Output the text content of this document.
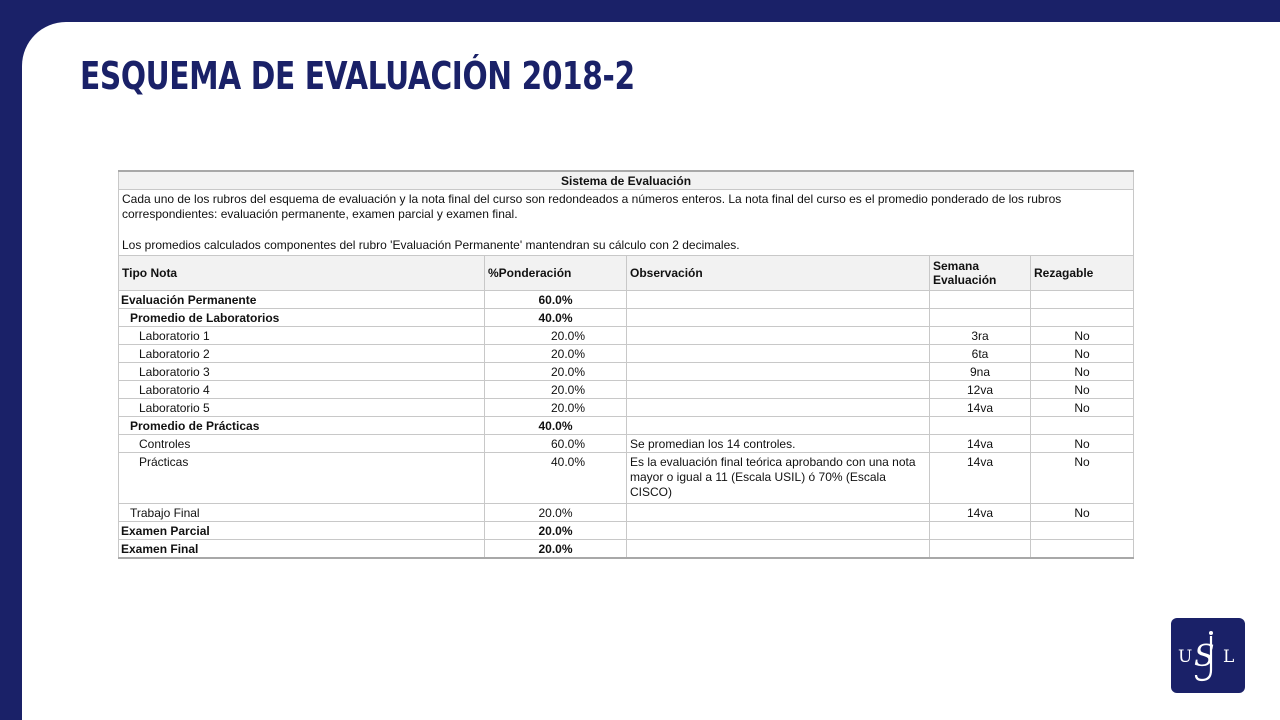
ESQUEMA DE EVALUACIÓN 2018-2
Sistema de Evaluación				

Cada uno de los rubros del esquema de evaluación y la nota final del curso son redondeados a números enteros. La nota final del curso es el promedio ponderado de los rubros correspondientes: evaluación permanente, examen parcial y examen final.

Los promedios calculados componentes del rubro 'Evaluación Permanente' mantendran su cálculo con 2 decimales.				

Tipo Nota	%Ponderación	Observación	Semana Evaluación	Rezagable
Evaluación Permanente	60.0%			
Promedio de Laboratorios	40.0%			
Laboratorio 1	20.0%		3ra	No
Laboratorio 2	20.0%		6ta	No
Laboratorio 3	20.0%		9na	No
Laboratorio 4	20.0%		12va	No
Laboratorio 5	20.0%		14va	No
Promedio de Prácticas	40.0%			
Controles	60.0%	Se promedian los 14 controles.	14va	No
Prácticas	40.0%	Es la evaluación final teórica aprobando con una nota mayor o igual a 11 (Escala USIL) ó 70% (Escala CISCO)	14va	No
Trabajo Final	20.0%		14va	No
Examen Parcial	20.0%			
Examen Final	20.0%			
U L
S
